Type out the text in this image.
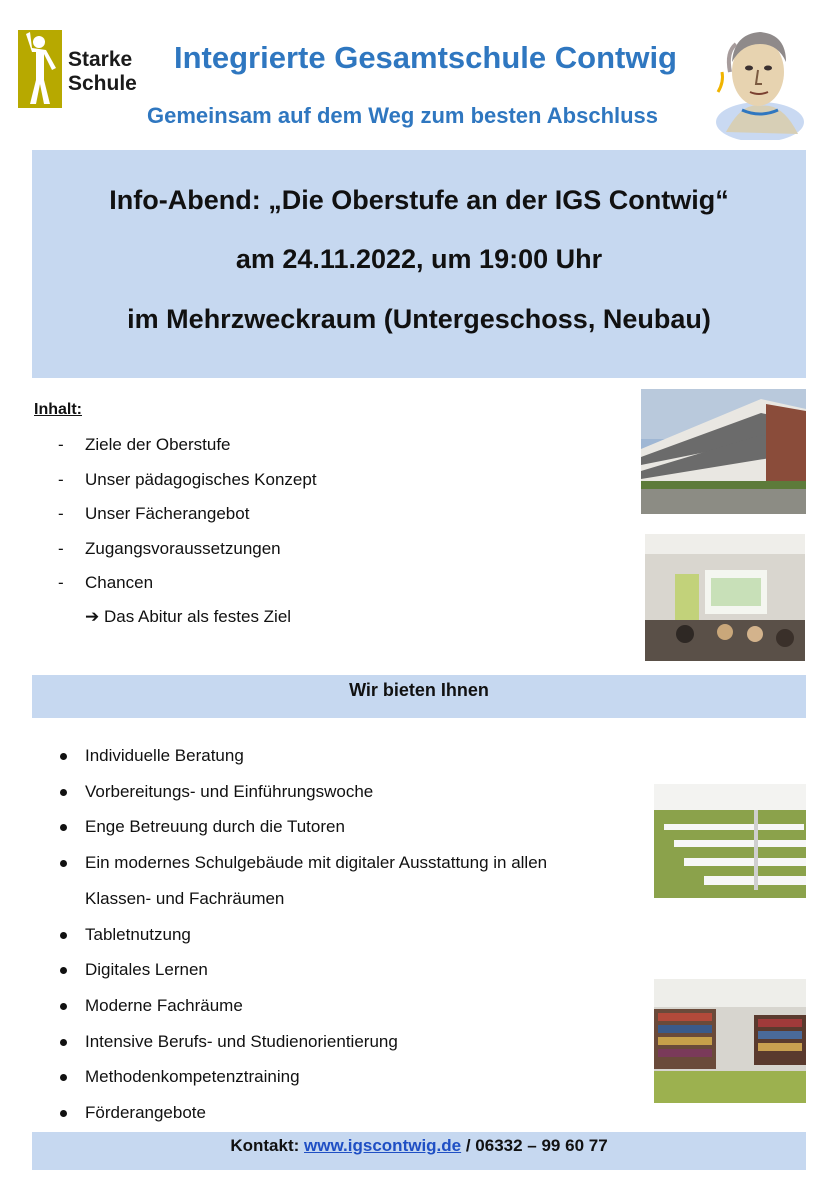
Starke
Schule
Integrierte Gesamtschule Contwig
Gemeinsam auf dem Weg zum besten Abschluss
Info-Abend: „Die Oberstufe an der IGS Contwig“
am 24.11.2022, um 19:00 Uhr
im Mehrzweckraum (Untergeschoss, Neubau)
Inhalt:
- Ziele der Oberstufe
- Unser pädagogisches Konzept
- Unser Fächerangebot
- Zugangsvoraussetzungen
- Chancen
➔ Das Abitur als festes Ziel
Wir bieten Ihnen
Individuelle Beratung
Vorbereitungs- und Einführungswoche
Enge Betreuung durch die Tutoren
Ein modernes Schulgebäude mit digitaler Ausstattung in allen
Klassen- und Fachräumen
Tabletnutzung
Digitales Lernen
Moderne Fachräume
Intensive Berufs- und Studienorientierung
Methodenkompetenztraining
Förderangebote
Kontakt: www.igscontwig.de / 06332 – 99 60 77
